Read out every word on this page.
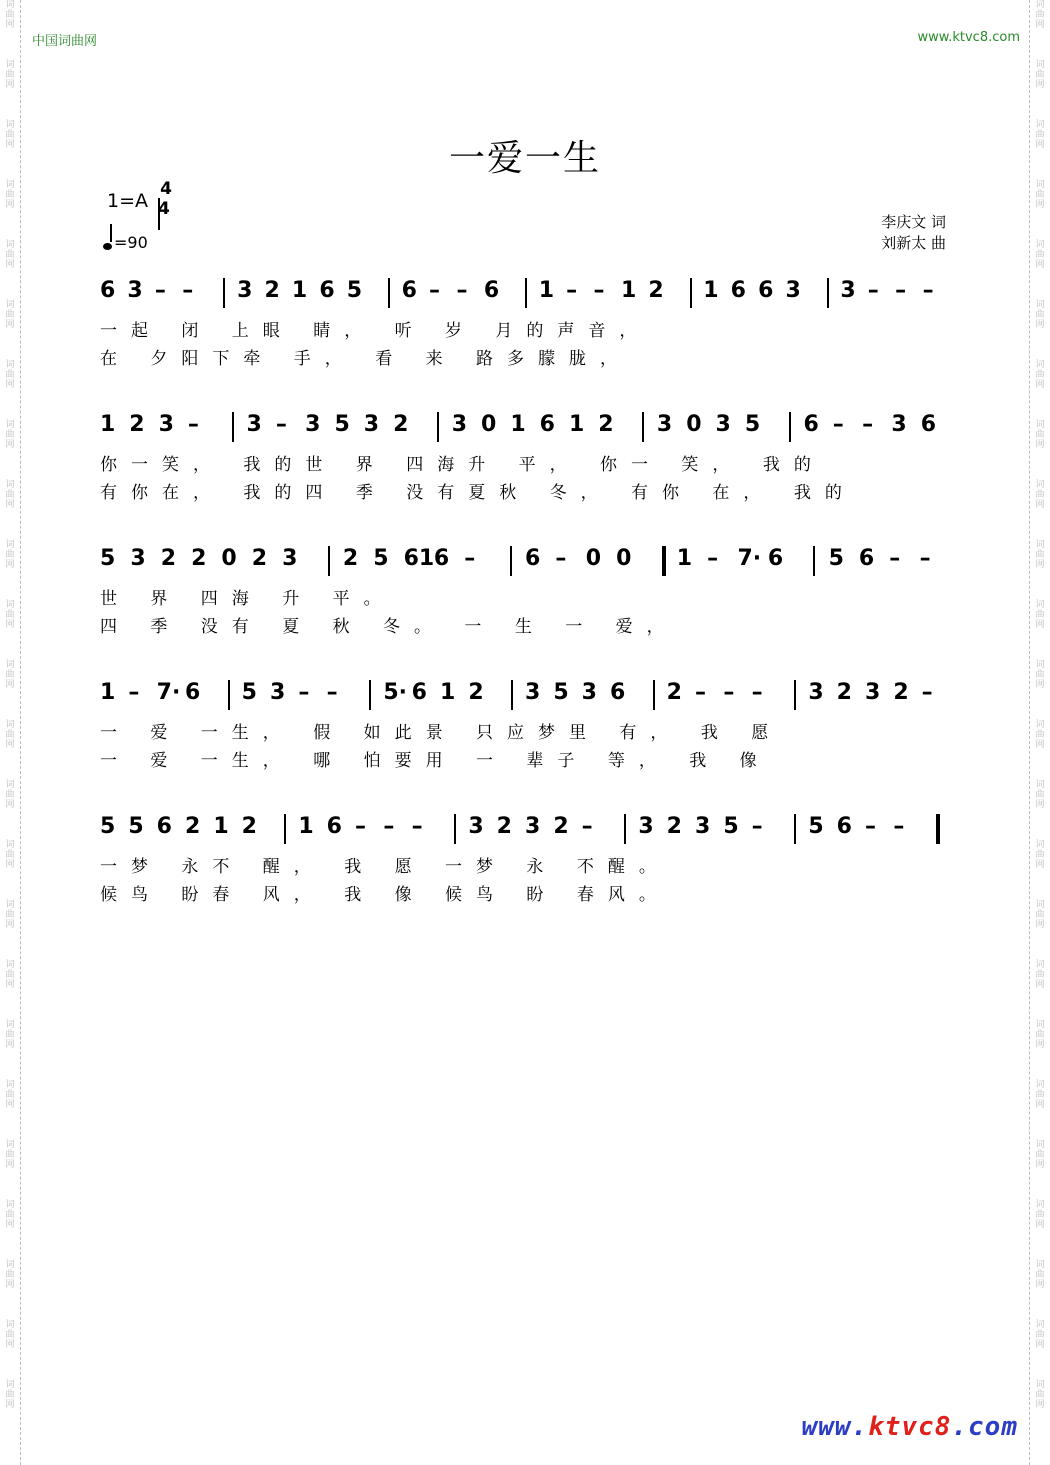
词
曲
网
词
曲
网
词
曲
网
词
曲
网
词
曲
网
词
曲
网
词
曲
网
词
曲
网
词
曲
网
词
曲
网
词
曲
网
词
曲
网
词
曲
网
词
曲
网
词
曲
网
词
曲
网
词
曲
网
词
曲
网
词
曲
网
词
曲
网
词
曲
网
词
曲
网
词
曲
网
词
曲
网
词
曲
网
词
曲
网
词
曲
网
词
曲
网
词
曲
网
词
曲
网
词
曲
网
词
曲
网
词
曲
网
词
曲
网
词
曲
网
词
曲
网
词
曲
网
词
曲
网
词
曲
网
词
曲
网
词
曲
网
词
曲
网
词
曲
网
词
曲
网
词
曲
网
词
曲
网
词
曲
网
词
曲
网
中国词曲网	www.ktvc8.com
一爱一生
1=A
4
4
=90
李庆文 词
刘新太 曲
6 3 – – 3 2 1 6 5 6 – – 6 1 – – 1 2 1 6 6 3 3 – – –
一起 闭 上眼 睛， 听 岁 月的声音，
在 夕阳下牵 手， 看 来 路多朦胧，
1 2 3 – 3 – 3 5 3 2 3 0 1 6 1 2 3 0 3 5 6 – – 3 6
你一笑， 我的世 界 四海升 平， 你一 笑， 我的
有你在， 我的四 季 没有夏秋 冬， 有你 在， 我的
5 3 2 2 0 2 3 2 5 61 6 – 6 – 0 0 1 – 7· 6 5 6 – –
世 界 四海 升 平。
四 季 没有 夏 秋 冬。 一 生 一 爱，
1 – 7· 6 5 3 – – 5· 6 1 2 3 5 3 6 2 – – – 3 2 3 2 –
一 爱 一生， 假 如此景 只应梦里 有， 我 愿
一 爱 一生， 哪 怕要用 一 辈子 等， 我 像
5 5 6 2 1 2 1 6 – – – 3 2 3 2 – 3 2 3 5 – 5 6 – –
一梦 永不 醒， 我 愿 一梦 永 不醒。
候鸟 盼春 风， 我 像 候鸟 盼 春风。
www.ktvc8.com
